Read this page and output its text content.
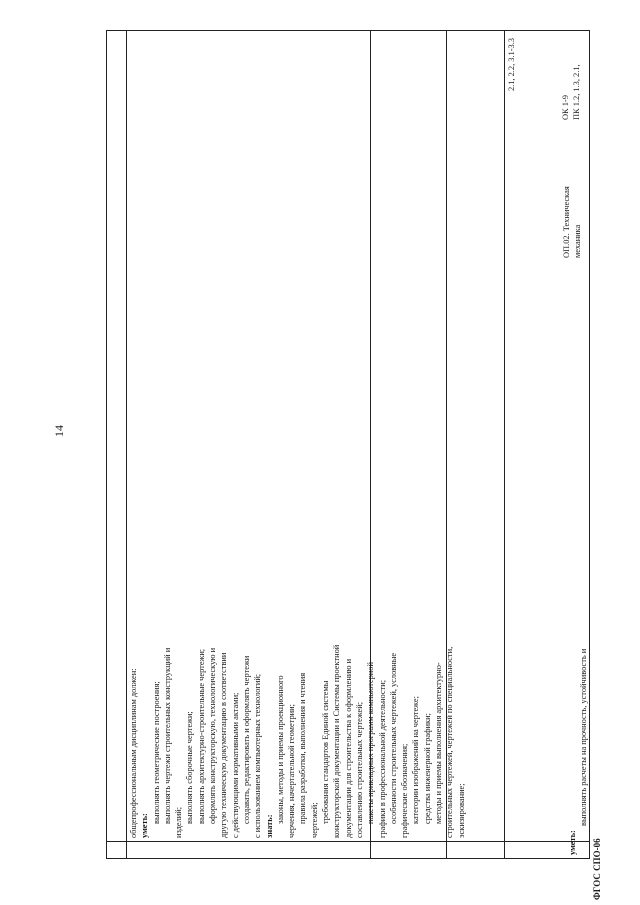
14
общепрофессиональным дисциплинам должен: уметь:
выполнять геометрические построения; выполнять чертежи строительных конструкций и изделий; выполнять сборочные чертежи; выполнять архитектурно-строительные чертежи; оформлять конструкторскую, технологическую и другую техническую документацию в соответствии с действующими нормативными актами; создавать, редактировать и оформлять чертежи с использованием компьютерных технологий; знать:
законы, методы и приемы проекционного черчения, начертательной геометрии; правила разработки, выполнения и чтения чертежей; требования стандартов Единой системы конструкторской документации и Системы проектной документации для строительства к оформлению и составлению строительных чертежей; пакеты прикладных программ компьютерной графики в профессиональной деятельности; особенности строительных чертежей, условные графические обозначения; категории изображений на чертеже; средства инженерной графики; методы и приемы выполнения архитектурно- строительных чертежей, чертежей по специальности, эскизирование;
2.1, 2.2, 3.1-3.3
ОП.02. Техническая механика
ОК 1-9 ПК 1.2, 1.3, 2.1,
ФГОС СПО-06
уметь:
выполнять расчеты на прочность, устойчивость и
